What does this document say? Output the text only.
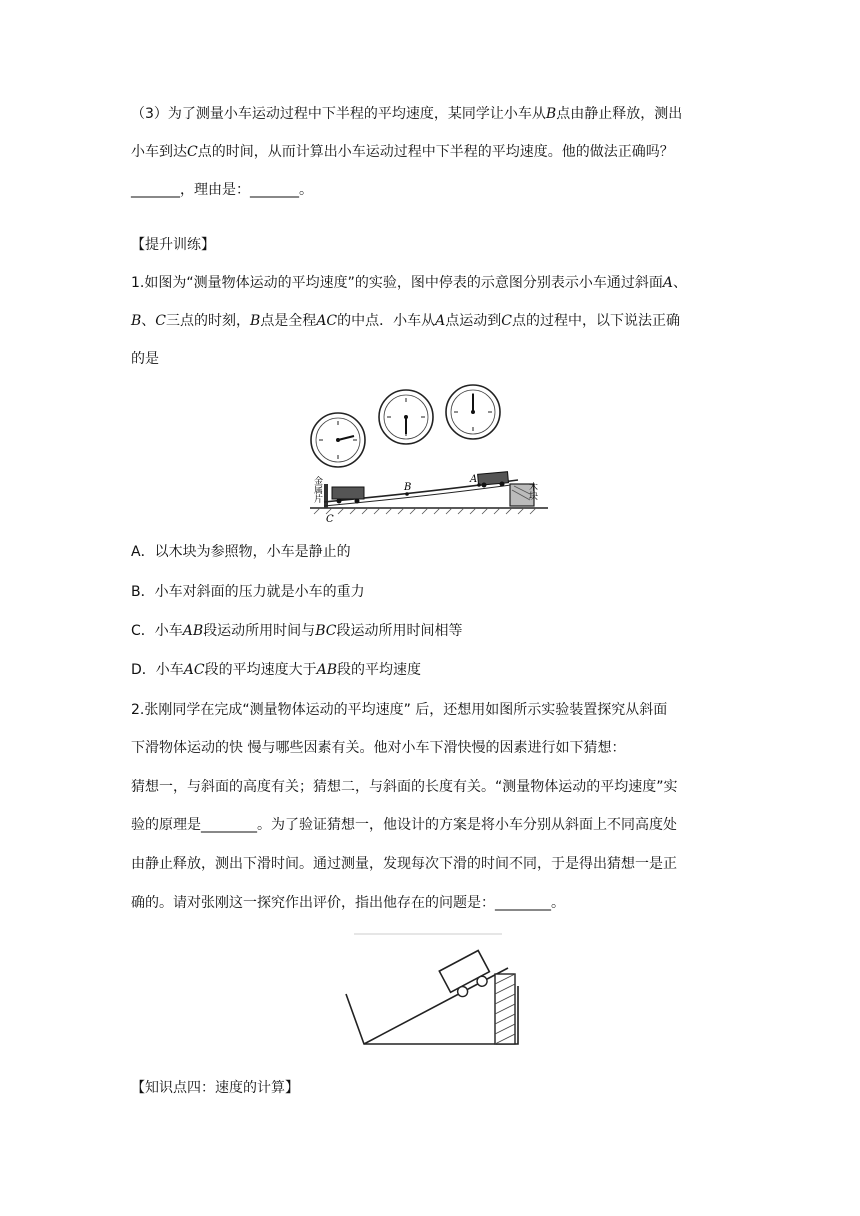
（3）为了测量小车运动过程中下半程的平均速度，某同学让小车从B点由静止释放，测出
小车到达C点的时间，从而计算出小车运动过程中下半程的平均速度。他的做法正确吗？
_______，理由是：_______。
【提升训练】
1.如图为“测量物体运动的平均速度”的实验，图中停表的示意图分别表示小车通过斜面A、
B、C三点的时刻，B点是全程AC的中点．小车从A点运动到C点的过程中，以下说法正确
的是
金属片	木块
B
A
C
A．以木块为参照物，小车是静止的
B．小车对斜面的压力就是小车的重力
C．小车AB段运动所用时间与BC段运动所用时间相等
D．小车AC段的平均速度大于AB段的平均速度
2.张刚同学在完成“测量物体运动的平均速度” 后，还想用如图所示实验装置探究从斜面
下滑物体运动的快 慢与哪些因素有关。他对小车下滑快慢的因素进行如下猜想：
猜想一，与斜面的高度有关；猜想二，与斜面的长度有关。“测量物体运动的平均速度”实
验的原理是________。为了验证猜想一，他设计的方案是将小车分别从斜面上不同高度处
由静止释放，测出下滑时间。通过测量，发现每次下滑的时间不同，于是得出猜想一是正
确的。请对张刚这一探究作出评价，指出他存在的问题是：________。
【知识点四：速度的计算】
